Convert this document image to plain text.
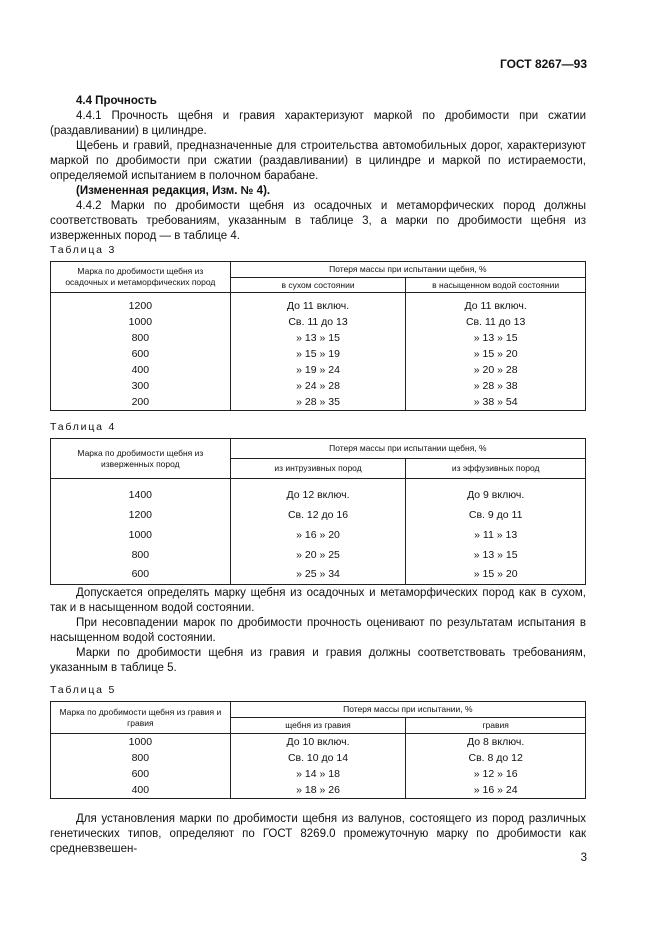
ГОСТ 8267—93

4.4 Прочность

4.4.1 Прочность щебня и гравия характеризуют маркой по дробимости при сжатии (раздавливании) в цилиндре.

Щебень и гравий, предназначенные для строительства автомобильных дорог, характеризуют маркой по дробимости при сжатии (раздавливании) в цилиндре и маркой по истираемости, определяемой испытанием в полочном барабане.

(Измененная редакция, Изм. № 4).

4.4.2 Марки по дробимости щебня из осадочных и метаморфических пород должны соответствовать требованиям, указанным в таблице 3, а марки по дробимости щебня из изверженных пород — в таблице 4.

Таблица 3
Марка по дробимости щебня из осадочных и метаморфических пород	Потеря массы при испытании щебня, %	
	в сухом состоянии	в насыщенном водой состоянии

1200	До 11 включ.	До 11 включ.
1000	Св. 11 до 13	Св. 11 до 13
800	» 13 » 15	» 13 » 15
600	» 15 » 19	» 15 » 20
400	» 19 » 24	» 20 » 28
300	» 24 » 28	» 28 » 38
200	» 28 » 35	» 38 » 54
Таблица 4
Марка по дробимости щебня из изверженных пород	Потеря массы при испытании щебня, %	
	из интрузивных пород	из эффузивных пород

1400	До 12 включ.	До 9 включ.
1200	Св. 12 до 16	Св. 9 до 11
1000	» 16 » 20	» 11 » 13
800	» 20 » 25	» 13 » 15
600	» 25 » 34	» 15 » 20

Допускается определять марку щебня из осадочных и метаморфических пород как в сухом, так и в насыщенном водой состоянии.

При несовпадении марок по дробимости прочность оценивают по результатам испытания в насыщенном водой состоянии.

Марки по дробимости щебня из гравия и гравия должны соответствовать требованиям, указанным в таблице 5.

Таблица 5
Марка по дробимости щебня из гравия и гравия	Потеря массы при испытании, %	
	щебня из гравия	гравия
1000	До 10 включ.	До 8 включ.
800	Св. 10 до 14	Св. 8 до 12
600	» 14 » 18	» 12 » 16
400	» 18 » 26	» 16 » 24

Для установления марки по дробимости щебня из валунов, состоящего из пород различных генетических типов, определяют по ГОСТ 8269.0 промежуточную марку по дробимости как средневзвешен-

3
